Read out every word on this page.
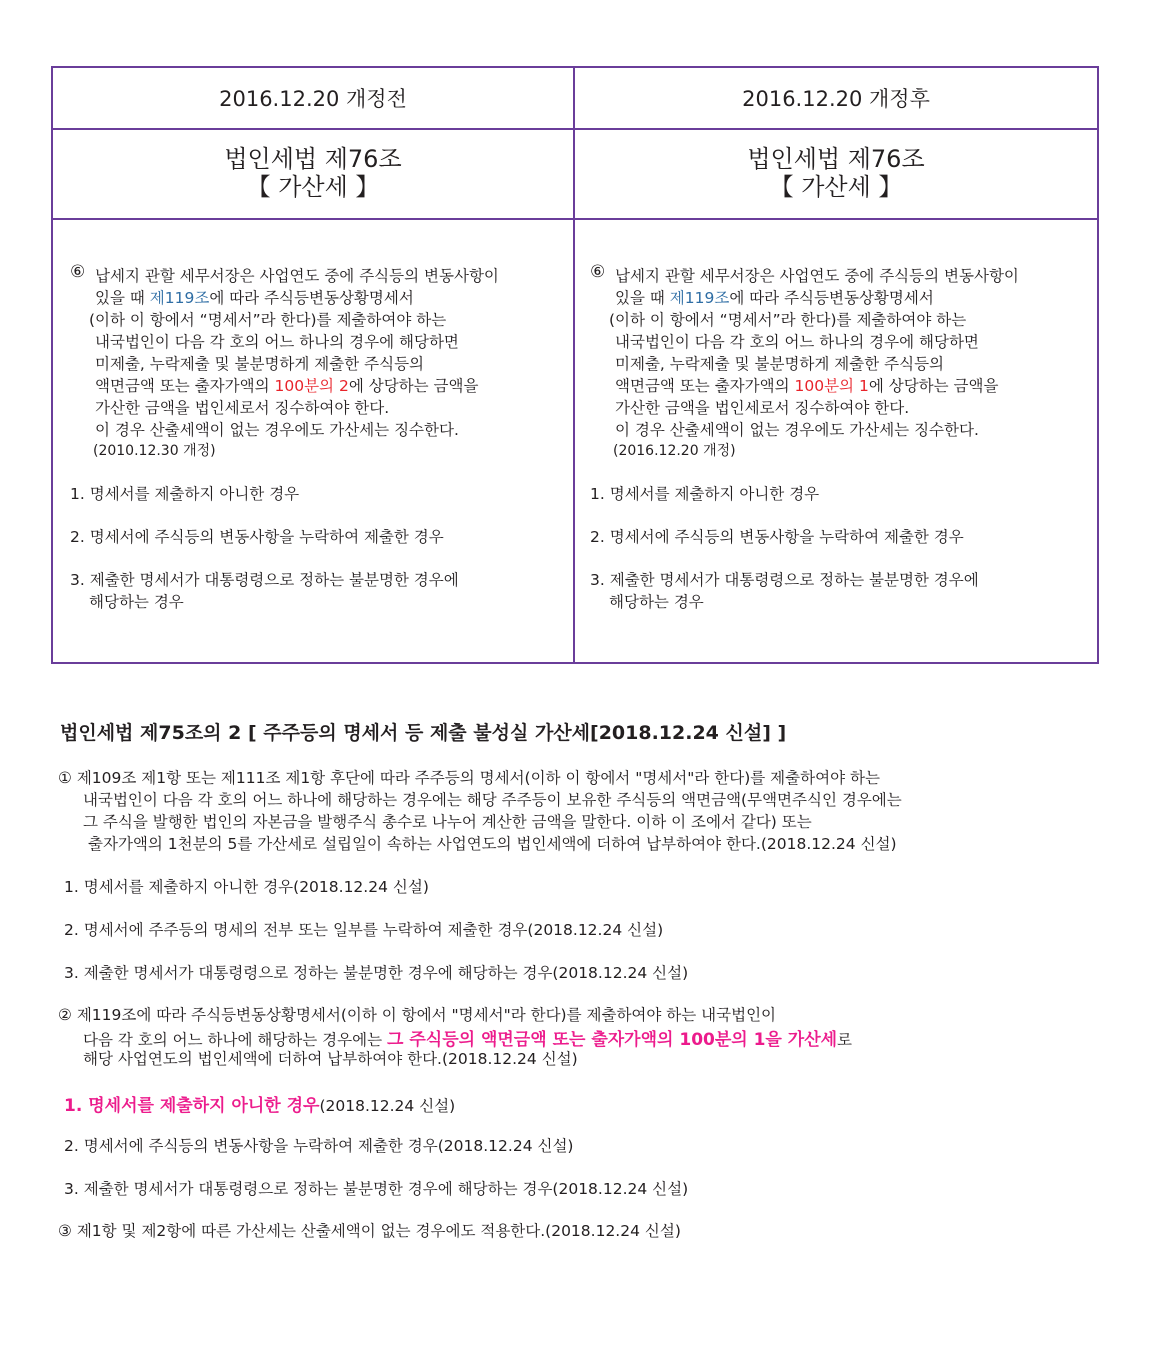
2016.12.20 개정전	2016.12.20 개정후
법인세법 제76조
【 가산세 】
법인세법 제76조
【 가산세 】
⑥ 납세지 관할 세무서장은 사업연도 중에 주식등의 변동사항이
있을 때 제119조에 따라 주식등변동상황명세서
(이하 이 항에서 “명세서”라 한다)를 제출하여야 하는
내국법인이 다음 각 호의 어느 하나의 경우에 해당하면
미제출, 누락제출 및 불분명하게 제출한 주식등의
액면금액 또는 출자가액의 100분의 2에 상당하는 금액을
가산한 금액을 법인세로서 징수하여야 한다.
이 경우 산출세액이 없는 경우에도 가산세는 징수한다.
(2010.12.30 개정)
1. 명세서를 제출하지 아니한 경우
2. 명세서에 주식등의 변동사항을 누락하여 제출한 경우
3. 제출한 명세서가 대통령령으로 정하는 불분명한 경우에
해당하는 경우
⑥ 납세지 관할 세무서장은 사업연도 중에 주식등의 변동사항이
있을 때 제119조에 따라 주식등변동상황명세서
(이하 이 항에서 “명세서”라 한다)를 제출하여야 하는
내국법인이 다음 각 호의 어느 하나의 경우에 해당하면
미제출, 누락제출 및 불분명하게 제출한 주식등의
액면금액 또는 출자가액의 100분의 1에 상당하는 금액을
가산한 금액을 법인세로서 징수하여야 한다.
이 경우 산출세액이 없는 경우에도 가산세는 징수한다.
(2016.12.20 개정)
1. 명세서를 제출하지 아니한 경우
2. 명세서에 주식등의 변동사항을 누락하여 제출한 경우
3. 제출한 명세서가 대통령령으로 정하는 불분명한 경우에
해당하는 경우
법인세법 제75조의 2 [ 주주등의 명세서 등 제출 불성실 가산세[2018.12.24 신설] ]
① 제109조 제1항 또는 제111조 제1항 후단에 따라 주주등의 명세서(이하 이 항에서 "명세서"라 한다)를 제출하여야 하는
내국법인이 다음 각 호의 어느 하나에 해당하는 경우에는 해당 주주등이 보유한 주식등의 액면금액(무액면주식인 경우에는
그 주식을 발행한 법인의 자본금을 발행주식 총수로 나누어 계산한 금액을 말한다. 이하 이 조에서 같다) 또는
출자가액의 1천분의 5를 가산세로 설립일이 속하는 사업연도의 법인세액에 더하여 납부하여야 한다.(2018.12.24 신설)
1. 명세서를 제출하지 아니한 경우(2018.12.24 신설)
2. 명세서에 주주등의 명세의 전부 또는 일부를 누락하여 제출한 경우(2018.12.24 신설)
3. 제출한 명세서가 대통령령으로 정하는 불분명한 경우에 해당하는 경우(2018.12.24 신설)
② 제119조에 따라 주식등변동상황명세서(이하 이 항에서 "명세서"라 한다)를 제출하여야 하는 내국법인이
다음 각 호의 어느 하나에 해당하는 경우에는 그 주식등의 액면금액 또는 출자가액의 100분의 1을 가산세로
해당 사업연도의 법인세액에 더하여 납부하여야 한다.(2018.12.24 신설)
1. 명세서를 제출하지 아니한 경우(2018.12.24 신설)
2. 명세서에 주식등의 변동사항을 누락하여 제출한 경우(2018.12.24 신설)
3. 제출한 명세서가 대통령령으로 정하는 불분명한 경우에 해당하는 경우(2018.12.24 신설)
③ 제1항 및 제2항에 따른 가산세는 산출세액이 없는 경우에도 적용한다.(2018.12.24 신설)
